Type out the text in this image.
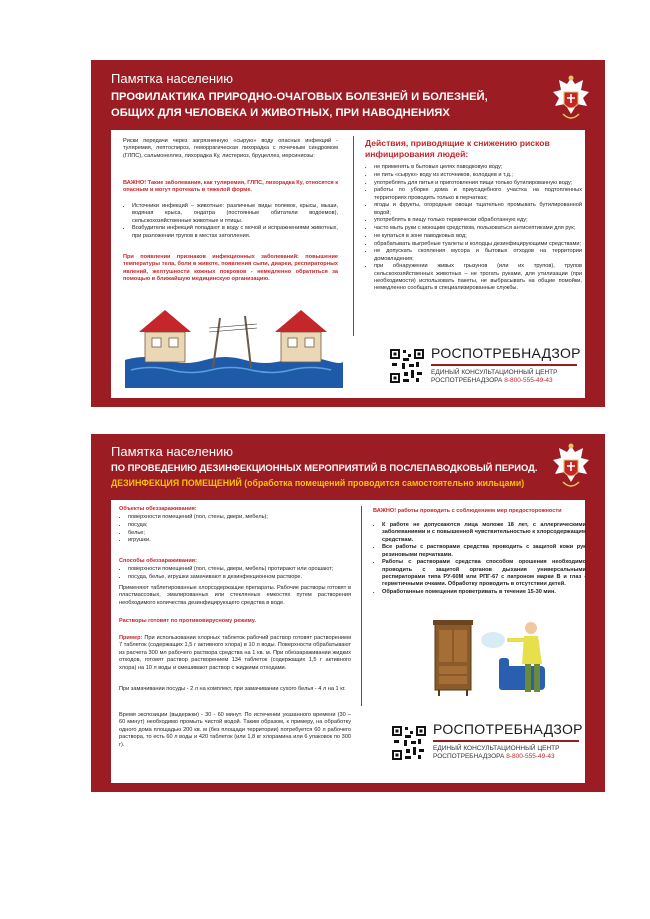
Памятка населению
ПРОФИЛАКТИКА ПРИРОДНО-ОЧАГОВЫХ БОЛЕЗНЕЙ И БОЛЕЗНЕЙ,
ОБЩИХ ДЛЯ ЧЕЛОВЕКА И ЖИВОТНЫХ, ПРИ НАВОДНЕНИЯХ

Риски передачи через загрязненную «сырую» воду опасных инфекций - туляремия, лептоспироз, геморрагическая лихорадка с почечным синдромом (ГЛПС), сальмонеллез, лихорадка Ку, листериоз, бруцеллез, иерсиниозы:

ВАЖНО! Такие заболевания, как туляремия, ГЛПС, лихорадка Ку, относятся к опасным и могут протекать в тяжелой форме.

• Источники инфекций – животные: различные виды полевок, крысы, мыши, водяная крыса, ондатра (постоянные обитатели водоемов), сельскохозяйственные животные и птицы.
• Возбудители инфекций попадают в воду с мочой и испражнениями животных, при разложении трупов в местах затопления.

При появлении признаков инфекционных заболеваний: повышение температуры тела, боли в животе, появления сыпи, диареи, респираторных явлений, желтушности кожных покровов - немедленно обратиться за помощью в ближайшую медицинскую организацию.

Действия, приводящие к снижению рисков инфицирования людей:
• не применять в бытовых целях паводковую воду;
• не пить «сырую» воду из источников, колодцев и т.д.;
• употреблять для питья и приготовления пищи только бутилированную воду;
• работы по уборке дома и приусадебного участка на подтопленных территориях проводить только в перчатках;
• ягоды и фрукты, огородные овощи тщательно промывать бутилированной водой;
• употреблять в пищу только термически обработанную еду;
• часто мыть руки с моющим средством, пользоваться антисептиками для рук;
• не купаться в зоне паводковых вод;
• обрабатывать выгребные туалеты и колодцы дезинфицирующими средствами;
• не допускать скопления мусора и бытовых отходов на территории домовладения;
• при обнаружении живых грызунов (или их трупов), трупов сельскохозяйственных животных – не трогать руками, для утилизации (при необходимости) использовать пакеты, не выбрасывать на общие помойки, немедленно сообщать в специализированные службы.
РОСПОТРЕБНАДЗОР
ЕДИНЫЙ КОНСУЛЬТАЦИОННЫЙ ЦЕНТР
РОСПОТРЕБНАДЗОРА 8-800-555-49-43
Памятка населению
ПО ПРОВЕДЕНИЮ ДЕЗИНФЕКЦИОННЫХ МЕРОПРИЯТИЙ В ПОСЛЕПАВОДКОВЫЙ ПЕРИОД.
ДЕЗИНФЕКЦИЯ ПОМЕЩЕНИЙ (обработка помещений проводится самостоятельно жильцами)
Объекты обеззараживания:
• поверхности помещений (пол, стены, двери, мебель);
• посуда;
• белье;
• игрушки.
Способы обеззараживания:
• поверхности помещений (пол, стены, двери, мебель) протирают или орошают;
• посуда, белье, игрушки замачивают в дезинфекционном растворе.

Применяют таблетированные хлорсодержащие препараты. Рабочие растворы готовят в пластмассовых, эмалированных или стеклянных емкостях путем растворения необходимого количества дезинфицирующего средства в воде.

Растворы готовят по противовирусному режиму.

Пример: При использовании хлорных таблеток рабочий раствор готовят растворением 7 таблеток (содержащих 1,5 г активного хлора) в 10 л воды. Поверхности обрабатывают из расчета 300 мл рабочего раствора средства на 1 кв. м. При обеззараживании жидких отходов, готовят раствор растворением 134 таблеток (содержащих 1,5 г активного хлора) на 10 л воды и смешивают раствор с жидкими отходами.

При замачивании посуды - 2 л на комплект, при замачивании сухого белья - 4 л на 1 кг.

Время экспозиции (выдержки) - 30 - 60 минут. По истечении указанного времени (30 – 60 минут) необходимо промыть чистой водой. Таким образом, к примеру, на обработку одного дома площадью 200 кв. м (без площади территории) потребуется 60 л рабочего раствора, то есть 60 л воды и 420 таблеток (или 1,8 кг хлорамина или 6 упаковок по 300 г).

ВАЖНО! работы проводить с соблюдением мер предосторожности
• К работе не допускаются лица моложе 18 лет, с аллергическими заболеваниями и с повышенной чувствительностью к хлорсодержащим средствам.
• Все работы с растворами средства проводить с защитой кожи рук резиновыми перчатками.
• Работы с растворами средства способом орошения необходимо проводить с защитой органов дыхания универсальными респираторами типа РУ-60М или РПГ-67 с патроном марки В и глаз - герметичными очками. Обработку проводить в отсутствии детей.
• Обработанные помещения проветривать в течение 15-30 мин.
РОСПОТРЕБНАДЗОР
ЕДИНЫЙ КОНСУЛЬТАЦИОННЫЙ ЦЕНТР
РОСПОТРЕБНАДЗОРА 8-800-555-49-43
